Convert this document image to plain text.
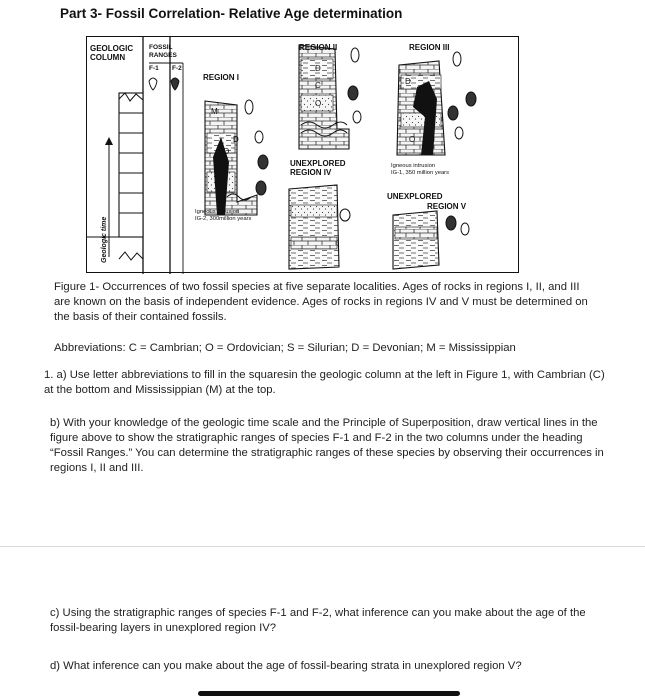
Part 3- Fossil Correlation- Relative Age determination
GEOLOGIC
COLUMN
FOSSIL
RANGES
F-1 F-2
Geologic time
REGION I
REGION II	REGION III
UNEXPLORED
REGION IV
UNEXPLORED
REGION V
Igneous intrusion
IG-1, 350 million years
Igneous intrusion
IG-2, 300million years
M
O
D
D
O
C	D
S
O
Figure 1- Occurrences of two fossil species at five separate localities. Ages of rocks in regions I, II, and III are known on the basis of independent evidence. Ages of rocks in regions IV and V must be determined on the basis of their contained fossils.
Abbreviations: C = Cambrian; O = Ordovician; S = Silurian; D = Devonian; M = Mississippian
1. a) Use letter abbreviations to fill in the squaresin the geologic column at the left in Figure 1, with Cambrian (C) at the bottom and Mississippian (M) at the top.
b) With your knowledge of the geologic time scale and the Principle of Superposition, draw vertical lines in the figure above to show the stratigraphic ranges of species F-1 and F-2 in the two columns under the heading “Fossil Ranges.” You can determine the stratigraphic ranges of these species by observing their occurrences in regions I, II and III.
c) Using the stratigraphic ranges of species F-1 and F-2, what inference can you make about the age of the fossil-bearing layers in unexplored region IV?
d) What inference can you make about the age of fossil-bearing strata in unexplored region V?
